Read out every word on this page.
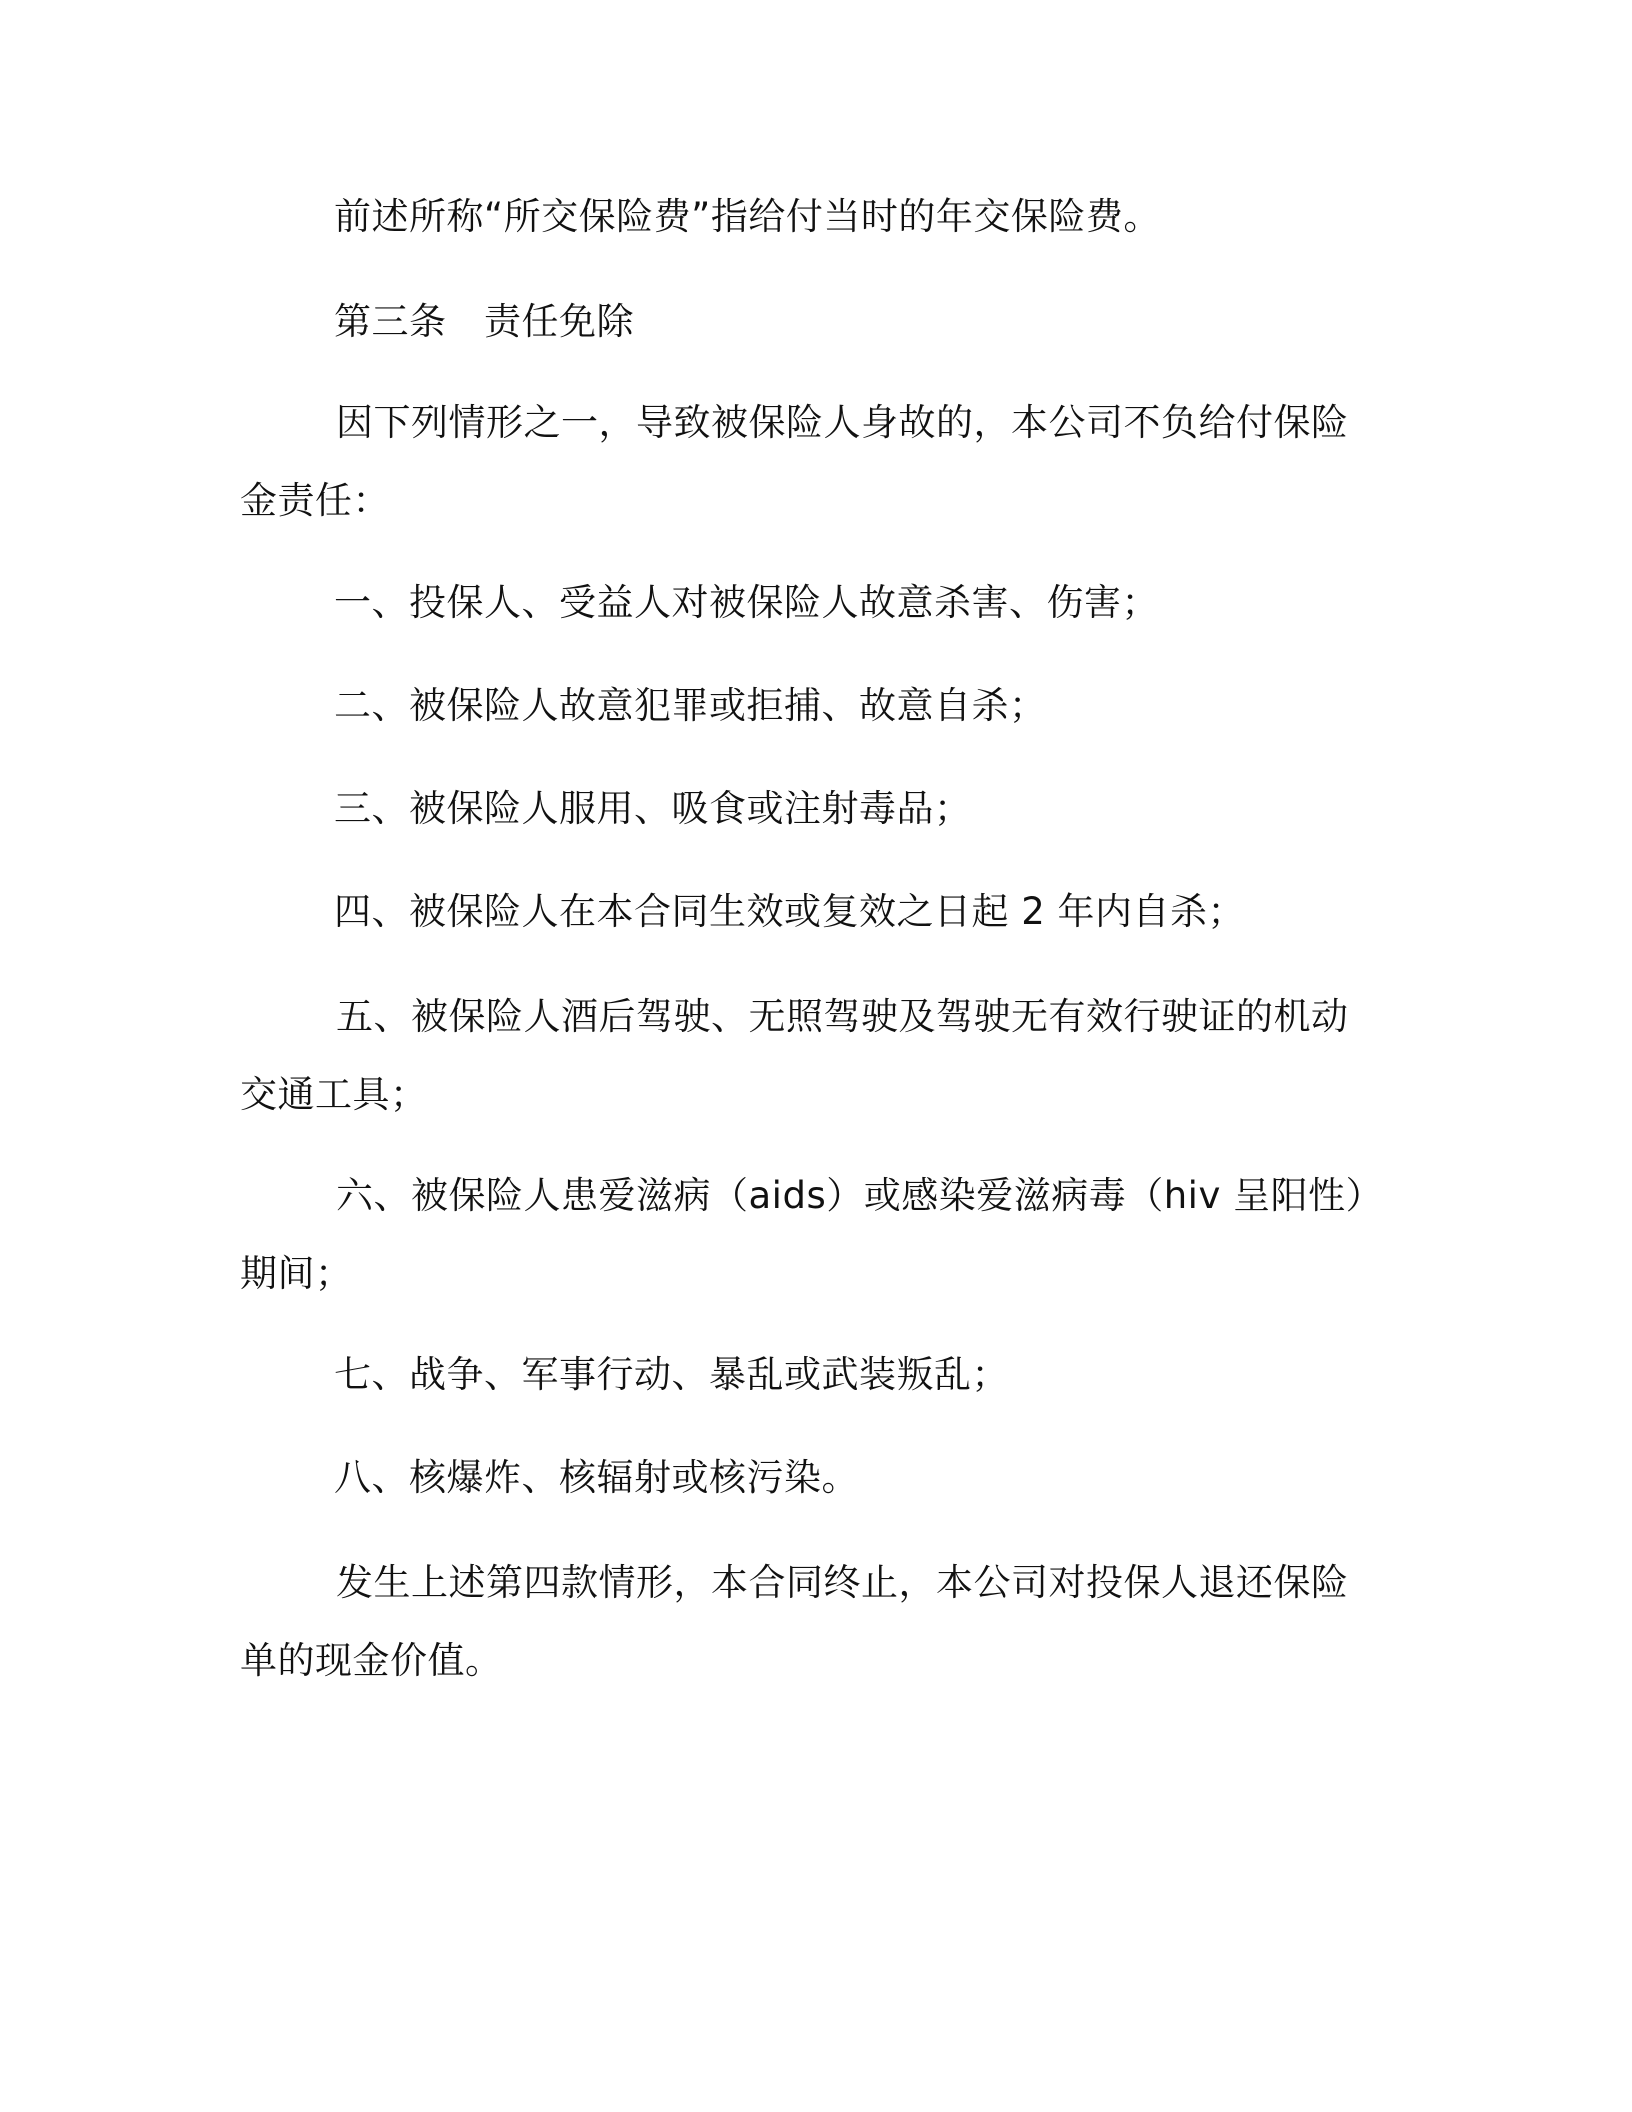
前述所称“所交保险费”指给付当时的年交保险费。
第三条　责任免除
因下列情形之一，导致被保险人身故的，本公司不负给付保险金责任：
一、投保人、受益人对被保险人故意杀害、伤害；
二、被保险人故意犯罪或拒捕、故意自杀；
三、被保险人服用、吸食或注射毒品；
四、被保险人在本合同生效或复效之日起 2 年内自杀；
五、被保险人酒后驾驶、无照驾驶及驾驶无有效行驶证的机动交通工具；
六、被保险人患爱滋病（aids）或感染爱滋病毒（hiv 呈阳性）期间；
七、战争、军事行动、暴乱或武装叛乱；
八、核爆炸、核辐射或核污染。
发生上述第四款情形，本合同终止，本公司对投保人退还保险单的现金价值。
